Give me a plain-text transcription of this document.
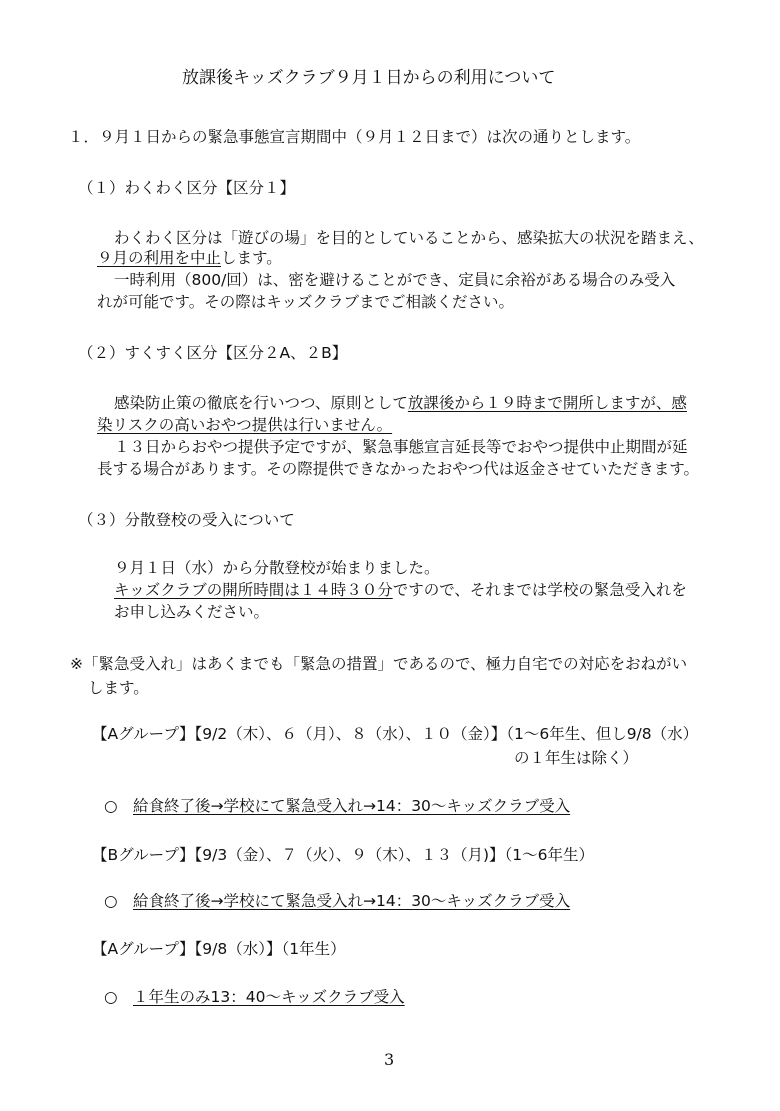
放課後キッズクラブ９月１日からの利用について
１．９月１日からの緊急事態宣言期間中（９月１２日まで）は次の通りとします。
（１）わくわく区分【区分１】
わくわく区分は「遊びの場」を目的としていることから、感染拡大の状況を踏まえ、
９月の利用を中止します。
一時利用（800/回）は、密を避けることができ、定員に余裕がある場合のみ受入
れが可能です。その際はキッズクラブまでご相談ください。
（２）すくすく区分【区分２A、２B】
感染防止策の徹底を行いつつ、原則として放課後から１９時まで開所しますが、感
染リスクの高いおやつ提供は行いません。
１３日からおやつ提供予定ですが、緊急事態宣言延長等でおやつ提供中止期間が延
長する場合があります。その際提供できなかったおやつ代は返金させていただきます。
（３）分散登校の受入について
９月１日（水）から分散登校が始まりました。
キッズクラブの開所時間は１４時３０分ですので、それまでは学校の緊急受入れを
お申し込みください。
※「緊急受入れ」はあくまでも「緊急の措置」であるので、極力自宅での対応をおねがい
します。
【Aグループ】【9/2（木）、６（月）、８（水）、１０（金）】（1～6年生、但し9/8（水）
の１年生は除く）
○ 給食終了後→学校にて緊急受入れ→14：30～キッズクラブ受入
【Bグループ】【9/3（金）、７（火）、９（木）、１３（月)】（1～6年生）
○ 給食終了後→学校にて緊急受入れ→14：30～キッズクラブ受入
【Aグループ】【9/8（水）】（1年生）
○ １年生のみ13：40～キッズクラブ受入
3
